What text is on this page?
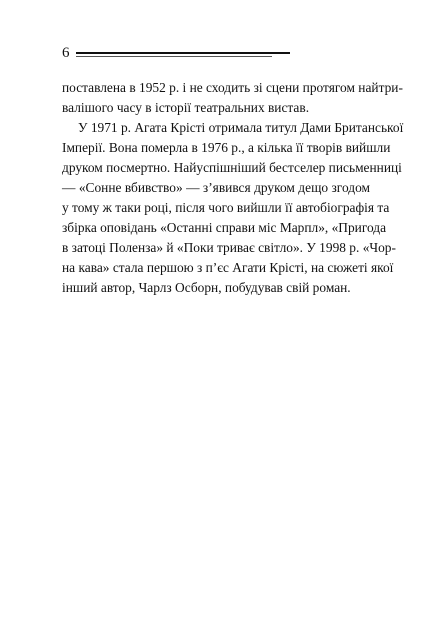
6
поставлена в 1952 р. і не сходить зі сцени протягом найтри-
валішого часу в історії театральних вистав.
У 1971 р. Агата Крісті отримала титул Дами Британської
Імперії. Вона померла в 1976 р., а кілька її творів вийшли
друком посмертно. Найуспішніший бестселер письменниці
— «Сонне вбивство» — з’явився друком дещо згодом
у тому ж таки році, після чого вийшли її автобіографія та
збірка оповідань «Останні справи міс Марпл», «Пригода
в затоці Поленза» й «Поки триває світло». У 1998 р. «Чор-
на кава» стала першою з п’єс Агати Крісті, на сюжеті якої
інший автор, Чарлз Осборн, побудував свій роман.
